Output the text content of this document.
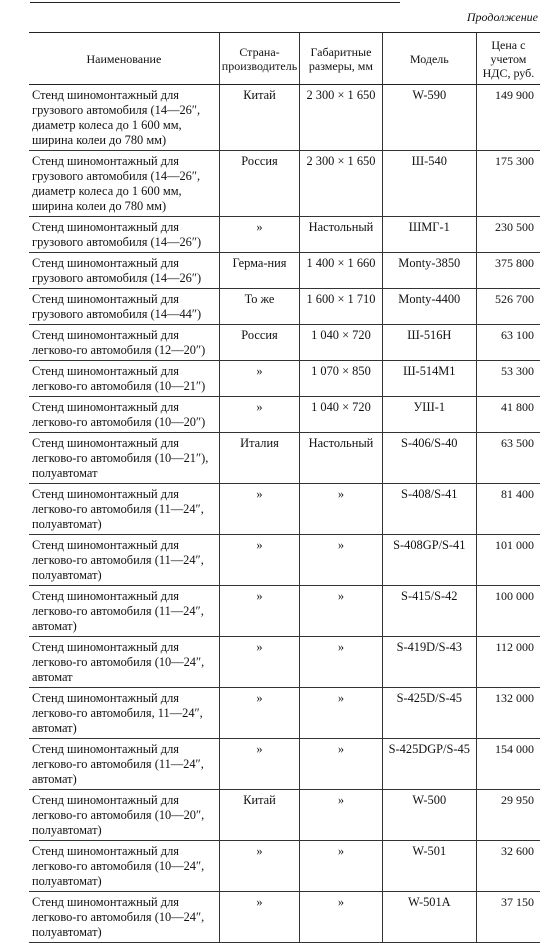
Продолжение
Наименование	Страна-производитель	Габаритные размеры, мм	Модель	Цена с учетом НДС, руб.
Стенд шиномонтажный для грузового автомобиля (14—26″, диаметр колеса до 1 600 мм, ширина колеи до 780 мм)	Китай	2 300 × 1 650	W-590	149 900
Стенд шиномонтажный для грузового автомобиля (14—26″, диаметр колеса до 1 600 мм, ширина колеи до 780 мм)	Россия	2 300 × 1 650	Ш-540	175 300
Стенд шиномонтажный для грузового автомобиля (14—26″)	»	Настольный	ШМГ-1	230 500
Стенд шиномонтажный для грузового автомобиля (14—26″)	Герма-ния	1 400 × 1 660	Monty-3850	375 800
Стенд шиномонтажный для грузового автомобиля (14—44″)	То же	1 600 × 1 710	Monty-4400	526 700
Стенд шиномонтажный для легково-го автомобиля (12—20″)	Россия	1 040 × 720	Ш-516Н	63 100
Стенд шиномонтажный для легково-го автомобиля (10—21″)	»	1 070 × 850	Ш-514М1	53 300
Стенд шиномонтажный для легково-го автомобиля (10—20″)	»	1 040 × 720	УШ-1	41 800
Стенд шиномонтажный для легково-го автомобиля (10—21″), полуавтомат	Италия	Настольный	S-406/S-40	63 500
Стенд шиномонтажный для легково-го автомобиля (11—24″, полуавтомат)	»	»	S-408/S-41	81 400
Стенд шиномонтажный для легково-го автомобиля (11—24″, полуавтомат)	»	»	S-408GP/S-41	101 000
Стенд шиномонтажный для легково-го автомобиля (11—24″, автомат)	»	»	S-415/S-42	100 000
Стенд шиномонтажный для легково-го автомобиля (10—24″, автомат	»	»	S-419D/S-43	112 000
Стенд шиномонтажный для легково-го автомобиля, 11—24″, автомат)	»	»	S-425D/S-45	132 000
Стенд шиномонтажный для легково-го автомобиля (11—24″, автомат)	»	»	S-425DGP/S-45	154 000
Стенд шиномонтажный для легково-го автомобиля (10—20″, полуавтомат)	Китай	»	W-500	29 950
Стенд шиномонтажный для легково-го автомобиля (10—24″, полуавтомат)	»	»	W-501	32 600
Стенд шиномонтажный для легково-го автомобиля (10—24″, полуавтомат)	»	»	W-501A	37 150
